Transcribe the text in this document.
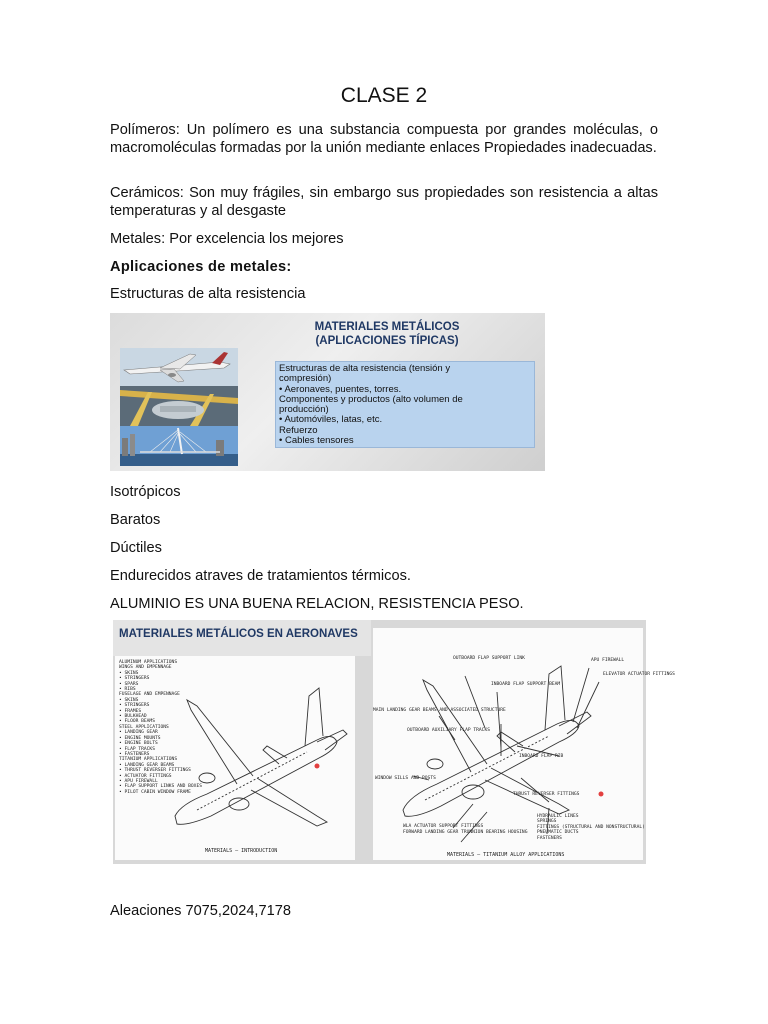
CLASE 2
Polímeros: Un polímero es una substancia compuesta por grandes moléculas, o macromoléculas formadas por la unión mediante enlaces Propiedades inadecuadas.
Cerámicos: Son muy frágiles, sin embargo sus propiedades son resistencia a altas temperaturas y al desgaste
Metales: Por excelencia los mejores
Aplicaciones de metales:
Estructuras de alta resistencia
MATERIALES METÁLICOS
(APLICACIONES TÍPICAS)
Estructuras de alta resistencia (tensión y
compresión)
• Aeronaves, puentes, torres.
Componentes y productos (alto volumen de
producción)
• Automóviles, latas, etc.
Refuerzo
• Cables tensores
Isotrópicos
Baratos
Dúctiles
Endurecidos atraves de tratamientos térmicos.
ALUMINIO ES UNA BUENA RELACION, RESISTENCIA PESO.
MATERIALES METÁLICOS EN AERONAVES
ALUMINUM APPLICATIONS
WINGS AND EMPENNAGE
• SKINS
• STRINGERS
• SPARS
• RIBS
FUSELAGE AND EMPENNAGE
• SKINS
• STRINGERS
• FRAMES
• BULKHEAD
• FLOOR BEAMS
STEEL APPLICATIONS
• LANDING GEAR
• ENGINE MOUNTS
• ENGINE BOLTS
• FLAP TRACKS
• FASTENERS
TITANIUM APPLICATIONS
• LANDING GEAR BEAMS
• THRUST REVERSER FITTINGS
• ACTUATOR FITTINGS
• APU FIREWALL
• FLAP SUPPORT LINKS AND BOXES
• PILOT CABIN WINDOW FRAME
MATERIALS — INTRODUCTION
OUTBOARD FLAP SUPPORT LINK
INBOARD FLAP SUPPORT BEAM
APU FIREWALL
ELEVATOR ACTUATOR FITTINGS
MAIN LANDING GEAR BEAMS AND ASSOCIATED STRUCTURE
OUTBOARD AUXILIARY FLAP TRACKS
INBOARD FLAP RIB
WINDOW SILLS AND POSTS
THRUST REVERSER FITTINGS
WLA ACTUATOR SUPPORT FITTINGS
FORWARD LANDING GEAR TRUNNION BEARING HOUSING
HYDRAULIC LINES
SPRINGS
FITTINGS (STRUCTURAL AND NONSTRUCTURAL)
PNEUMATIC DUCTS
FASTENERS
MATERIALS — TITANIUM ALLOY APPLICATIONS
Aleaciones 7075,2024,7178
